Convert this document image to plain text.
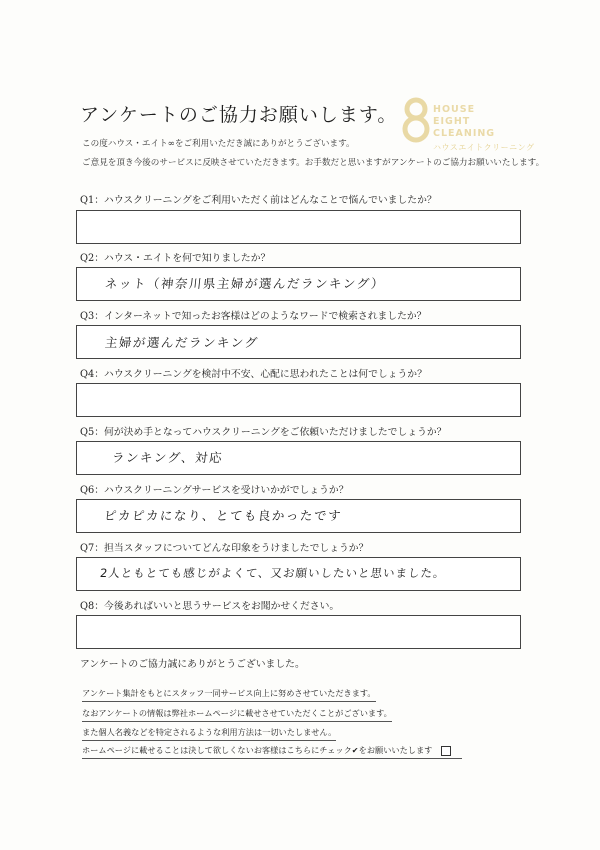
アンケートのご協力お願いします。
この度ハウス・エイト∞をご利用いただき誠にありがとうございます。
ご意見を頂き今後のサービスに反映させていただきます。お手数だと思いますがアンケートのご協力お願いいたします。
HOUSE
EIGHT
CLEANING
ハウスエイトクリーニング
Q1：ハウスクリーニングをご利用いただく前はどんなことで悩んでいましたか？
Q2：ハウス・エイトを何で知りましたか？
ネット（神奈川県主婦が選んだランキング）
Q3：インターネットで知ったお客様はどのようなワードで検索されましたか？
主婦が選んだランキング
Q4：ハウスクリーニングを検討中不安、心配に思われたことは何でしょうか？
Q5：何が決め手となってハウスクリーニングをご依頼いただけましたでしょうか？
ランキング、対応
Q6：ハウスクリーニングサービスを受けいかがでしょうか？
ピカピカになり、とても良かったです
Q7：担当スタッフについてどんな印象をうけましたでしょうか？
2人ともとても感じがよくて、又お願いしたいと思いました。
Q8：今後あればいいと思うサービスをお聞かせください。
アンケートのご協力誠にありがとうございました。
アンケート集計をもとにスタッフ一同サービス向上に努めさせていただきます。
なおアンケートの情報は弊社ホームページに載せさせていただくことがございます。
また個人名義などを特定されるような利用方法は一切いたしません。
ホームページに載せることは決して欲しくないお客様はこちらにチェック✔をお願いいたします
